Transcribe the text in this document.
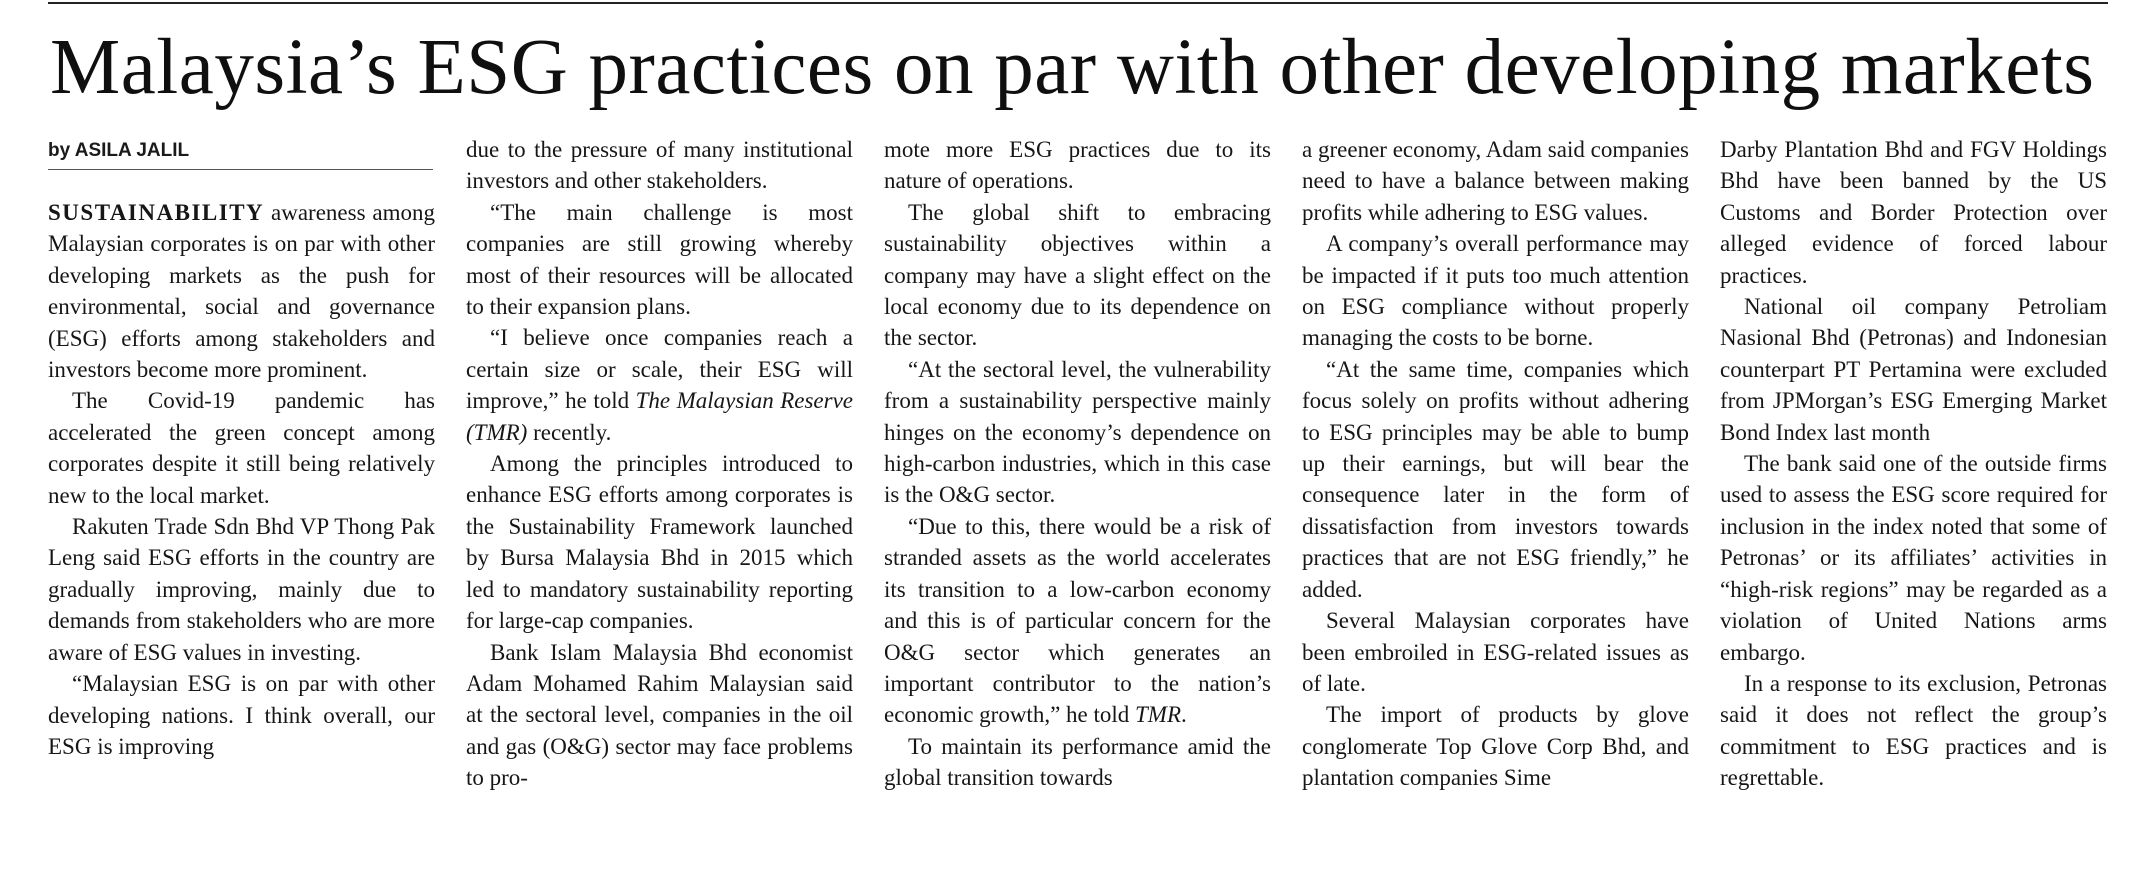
Malaysia’s ESG practices on par with other developing markets
by ASILA JALIL

SUSTAINABILITY awareness among Malaysian corporates is on par with other developing markets as the push for environmental, social and governance (ESG) efforts among stakeholders and investors become more prominent.

The Covid-19 pandemic has accelerated the green concept among corporates despite it still being relatively new to the local market.

Rakuten Trade Sdn Bhd VP Thong Pak Leng said ESG efforts in the country are gradually improving, mainly due to demands from stakeholders who are more aware of ESG values in investing.

“Malaysian ESG is on par with other developing nations. I think overall, our ESG is improving

due to the pressure of many institutional investors and other stakeholders.

“The main challenge is most companies are still growing whereby most of their resources will be allocated to their expansion plans.

“I believe once companies reach a certain size or scale, their ESG will improve,” he told The Malaysian Reserve (TMR) recently.

Among the principles introduced to enhance ESG efforts among corporates is the Sustainability Framework launched by Bursa Malaysia Bhd in 2015 which led to mandatory sustainability reporting for large-cap companies.

Bank Islam Malaysia Bhd economist Adam Mohamed Rahim Malaysian said at the sectoral level, companies in the oil and gas (O&G) sector may face problems to pro-

mote more ESG practices due to its nature of operations.

The global shift to embracing sustainability objectives within a company may have a slight effect on the local economy due to its dependence on the sector.

“At the sectoral level, the vulnerability from a sustainability perspective mainly hinges on the economy’s dependence on high-carbon industries, which in this case is the O&G sector.

“Due to this, there would be a risk of stranded assets as the world accelerates its transition to a low-carbon economy and this is of particular concern for the O&G sector which generates an important contributor to the nation’s economic growth,” he told TMR.

To maintain its performance amid the global transition towards

a greener economy, Adam said companies need to have a balance between making profits while adhering to ESG values.

A company’s overall performance may be impacted if it puts too much attention on ESG compliance without properly managing the costs to be borne.

“At the same time, companies which focus solely on profits without adhering to ESG principles may be able to bump up their earnings, but will bear the consequence later in the form of dissatisfaction from investors towards practices that are not ESG friendly,” he added.

Several Malaysian corporates have been embroiled in ESG-related issues as of late.

The import of products by glove conglomerate Top Glove Corp Bhd, and plantation companies Sime

Darby Plantation Bhd and FGV Holdings Bhd have been banned by the US Customs and Border Protection over alleged evidence of forced labour practices.

National oil company Petroliam Nasional Bhd (Petronas) and Indonesian counterpart PT Pertamina were excluded from JPMorgan’s ESG Emerging Market Bond Index last month

The bank said one of the outside firms used to assess the ESG score required for inclusion in the index noted that some of Petronas’ or its affiliates’ activities in “high-risk regions” may be regarded as a violation of United Nations arms embargo.

In a response to its exclusion, Petronas said it does not reflect the group’s commitment to ESG practices and is regrettable.
